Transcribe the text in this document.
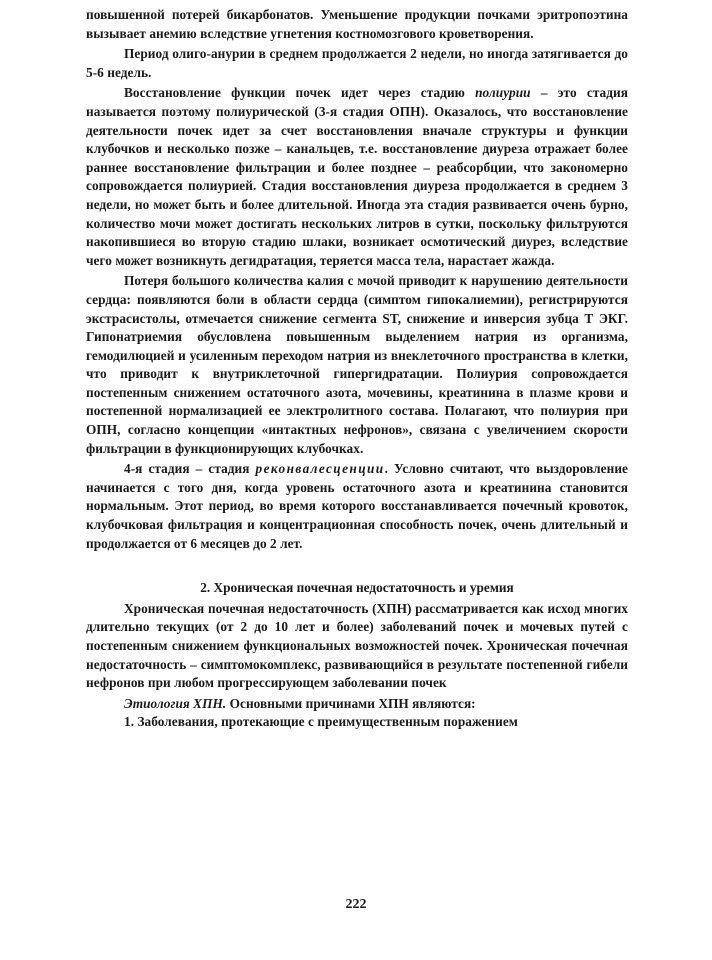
повышенной потерей бикарбонатов. Уменьшение продукции почками эритропоэтина вызывает анемию вследствие угнетения костномозгового кроветворения.

Период олиго-анурии в среднем продолжается 2 недели, но иногда затягивается до 5-6 недель.

Восстановление функции почек идет через стадию полиурии – это стадия называется поэтому полиурической (3-я стадия ОПН). Оказалось, что восстановление деятельности почек идет за счет восстановления вначале структуры и функции клубочков и несколько позже – канальцев, т.е. восстановление диуреза отражает более раннее восстановление фильтрации и более позднее – реабсорбции, что закономерно сопровождается полиурией. Стадия восстановления диуреза продолжается в среднем 3 недели, но может быть и более длительной. Иногда эта стадия развивается очень бурно, количество мочи может достигать нескольких литров в сутки, поскольку фильтруются накопившиеся во вторую стадию шлаки, возникает осмотический диурез, вследствие чего может возникнуть дегидратация, теряется масса тела, нарастает жажда.

Потеря большого количества калия с мочой приводит к нарушению деятельности сердца: появляются боли в области сердца (симптом гипокалиемии), регистрируются экстрасистолы, отмечается снижение сегмента ST, снижение и инверсия зубца Т ЭКГ. Гипонатриемия обусловлена повышенным выделением натрия из организма, гемодилюцией и усиленным переходом натрия из внеклеточного пространства в клетки, что приводит к внутриклеточной гипергидратации. Полиурия сопровождается постепенным снижением остаточного азота, мочевины, креатинина в плазме крови и постепенной нормализацией ее электролитного состава. Полагают, что полиурия при ОПН, согласно концепции «интактных нефронов», связана с увеличением скорости фильтрации в функционирующих клубочках.

4-я стадия – стадия реконвалесценции. Условно считают, что выздоровление начинается с того дня, когда уровень остаточного азота и креатинина становится нормальным. Этот период, во время которого восстанавливается почечный кровоток, клубочковая фильтрация и концентрационная способность почек, очень длительный и продолжается от 6 месяцев до 2 лет.

2. Хроническая почечная недостаточность и уремия

Хроническая почечная недостаточность (ХПН) рассматривается как исход многих длительно текущих (от 2 до 10 лет и более) заболеваний почек и мочевых путей с постепенным снижением функциональных возможностей почек. Хроническая почечная недостаточность – симптомокомплекс, развивающийся в результате постепенной гибели нефронов при любом прогрессирующем заболевании почек

Этиология ХПН. Основными причинами ХПН являются:

1. Заболевания, протекающие с преимущественным поражением

222
